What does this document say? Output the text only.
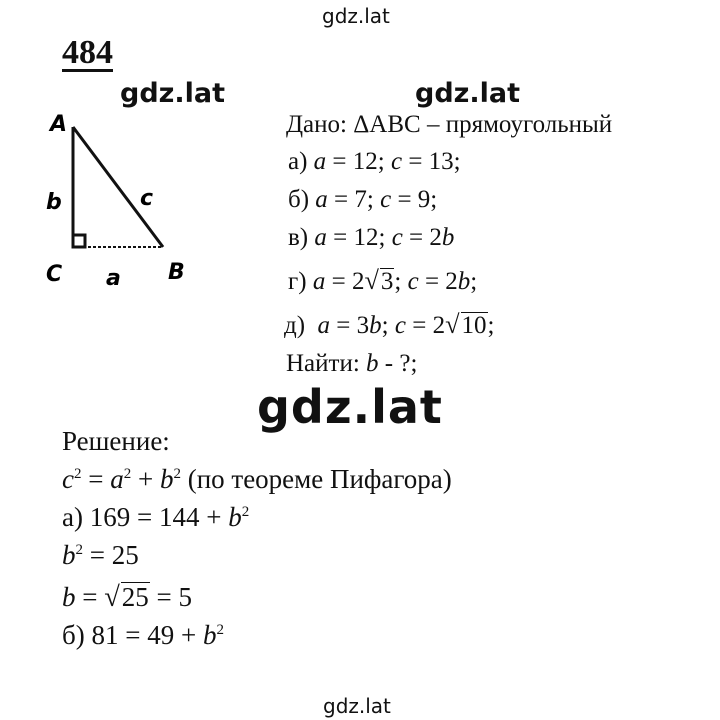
gdz.lat
gdz.lat	gdz.lat
gdz.lat
gdz.lat
484
A
b	c
C a B
Дано: ΔABC – прямоугольный
а) a = 12; c = 13;
б) a = 7; c = 9;
в) a = 12; c = 2b
г) a = 2√3; c = 2b;
д) a = 3b; c = 2√10;
Найти: b - ?;
Решение:
$c^2 = a^2 + b^2$ (по теореме Пифагора)
а) $169 = 144 + b^2$
$b^2 = 25$
b = √25 = 5
б) $81 = 49 + b^2$
